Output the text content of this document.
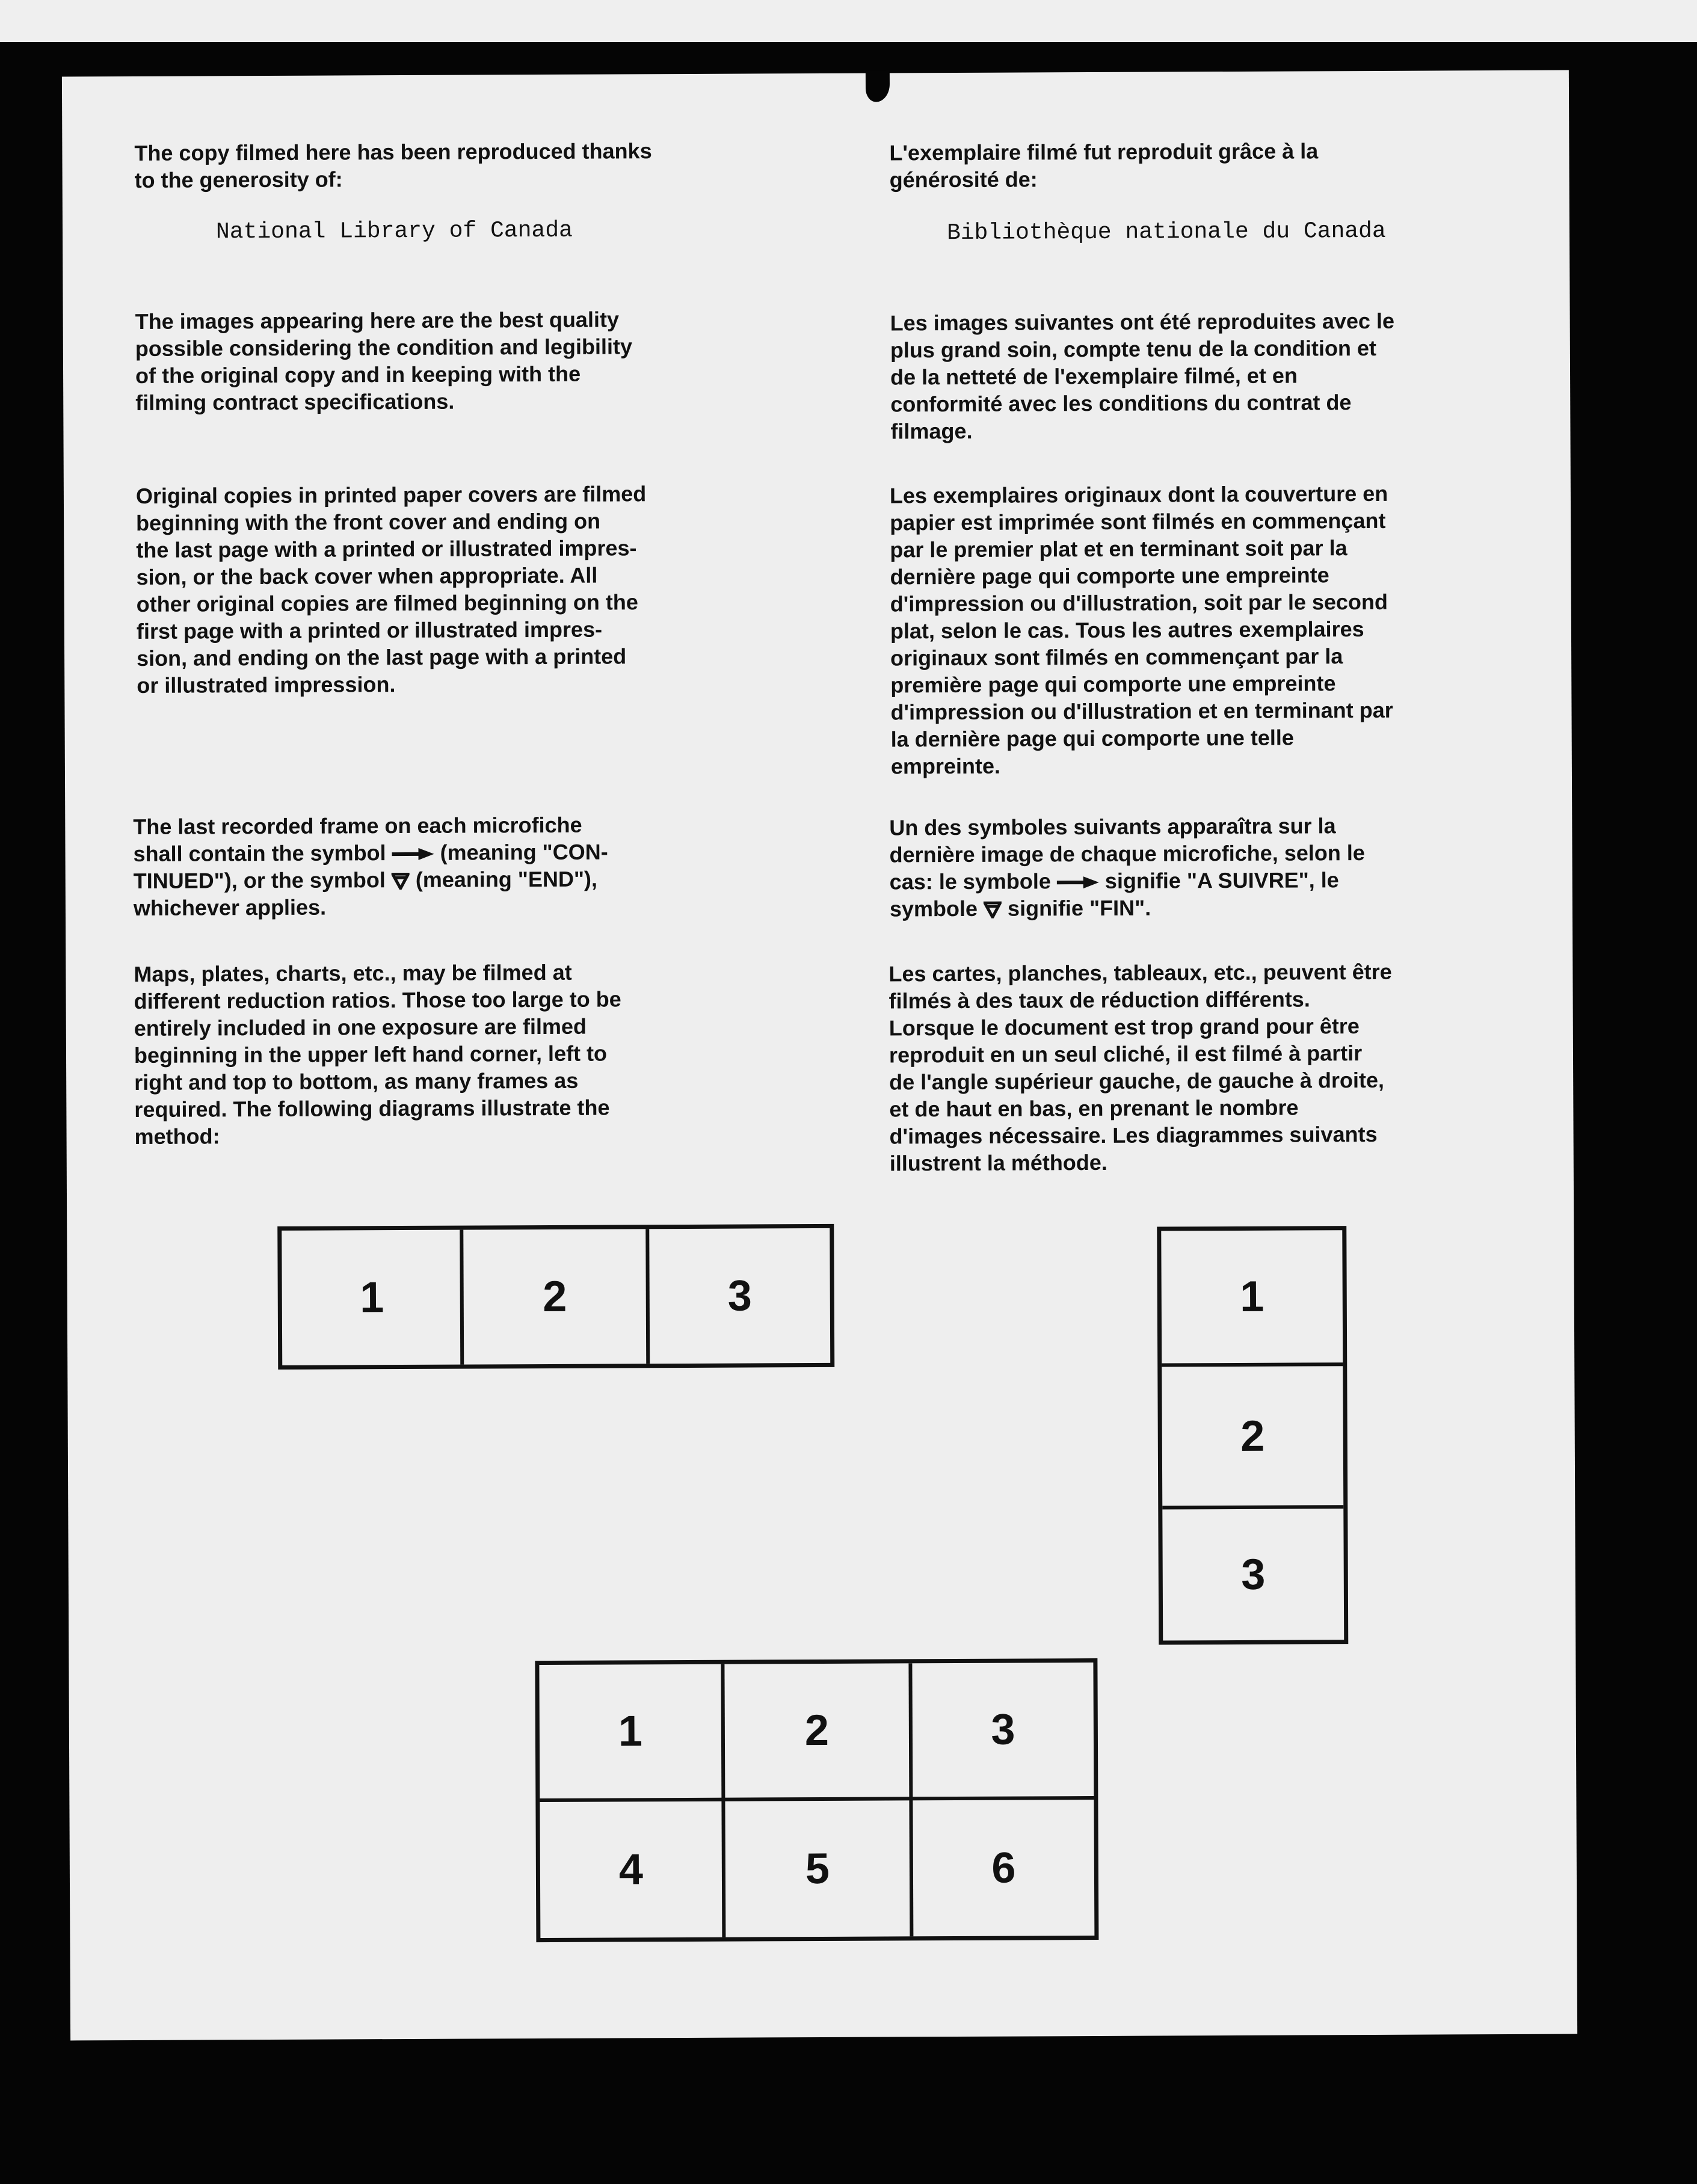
The copy filmed here has been reproduced thanks
to the generosity of:

National Library of Canada

The images appearing here are the best quality
possible considering the condition and legibility
of the original copy and in keeping with the
filming contract specifications.

Original copies in printed paper covers are filmed
beginning with the front cover and ending on
the last page with a printed or illustrated impres-
sion, or the back cover when appropriate. All
other original copies are filmed beginning on the
first page with a printed or illustrated impres-
sion, and ending on the last page with a printed
or illustrated impression.

The last recorded frame on each microfiche
shall contain the symbol  (meaning "CON-
TINUED"), or the symbol  (meaning "END"),
whichever applies.

Maps, plates, charts, etc., may be filmed at
different reduction ratios. Those too large to be
entirely included in one exposure are filmed
beginning in the upper left hand corner, left to
right and top to bottom, as many frames as
required. The following diagrams illustrate the
method:

L'exemplaire filmé fut reproduit grâce à la
générosité de:

Bibliothèque nationale du Canada

Les images suivantes ont été reproduites avec le
plus grand soin, compte tenu de la condition et
de la netteté de l'exemplaire filmé, et en
conformité avec les conditions du contrat de
filmage.

Les exemplaires originaux dont la couverture en
papier est imprimée sont filmés en commençant
par le premier plat et en terminant soit par la
dernière page qui comporte une empreinte
d'impression ou d'illustration, soit par le second
plat, selon le cas. Tous les autres exemplaires
originaux sont filmés en commençant par la
première page qui comporte une empreinte
d'impression ou d'illustration et en terminant par
la dernière page qui comporte une telle
empreinte.

Un des symboles suivants apparaîtra sur la
dernière image de chaque microfiche, selon le
cas: le symbole  signifie "A SUIVRE", le
symbole  signifie "FIN".

Les cartes, planches, tableaux, etc., peuvent être
filmés à des taux de réduction différents.
Lorsque le document est trop grand pour être
reproduit en un seul cliché, il est filmé à partir
de l'angle supérieur gauche, de gauche à droite,
et de haut en bas, en prenant le nombre
d'images nécessaire. Les diagrammes suivants
illustrent la méthode.

1	2	3	1
2
3
1	2	3
4	5	6
